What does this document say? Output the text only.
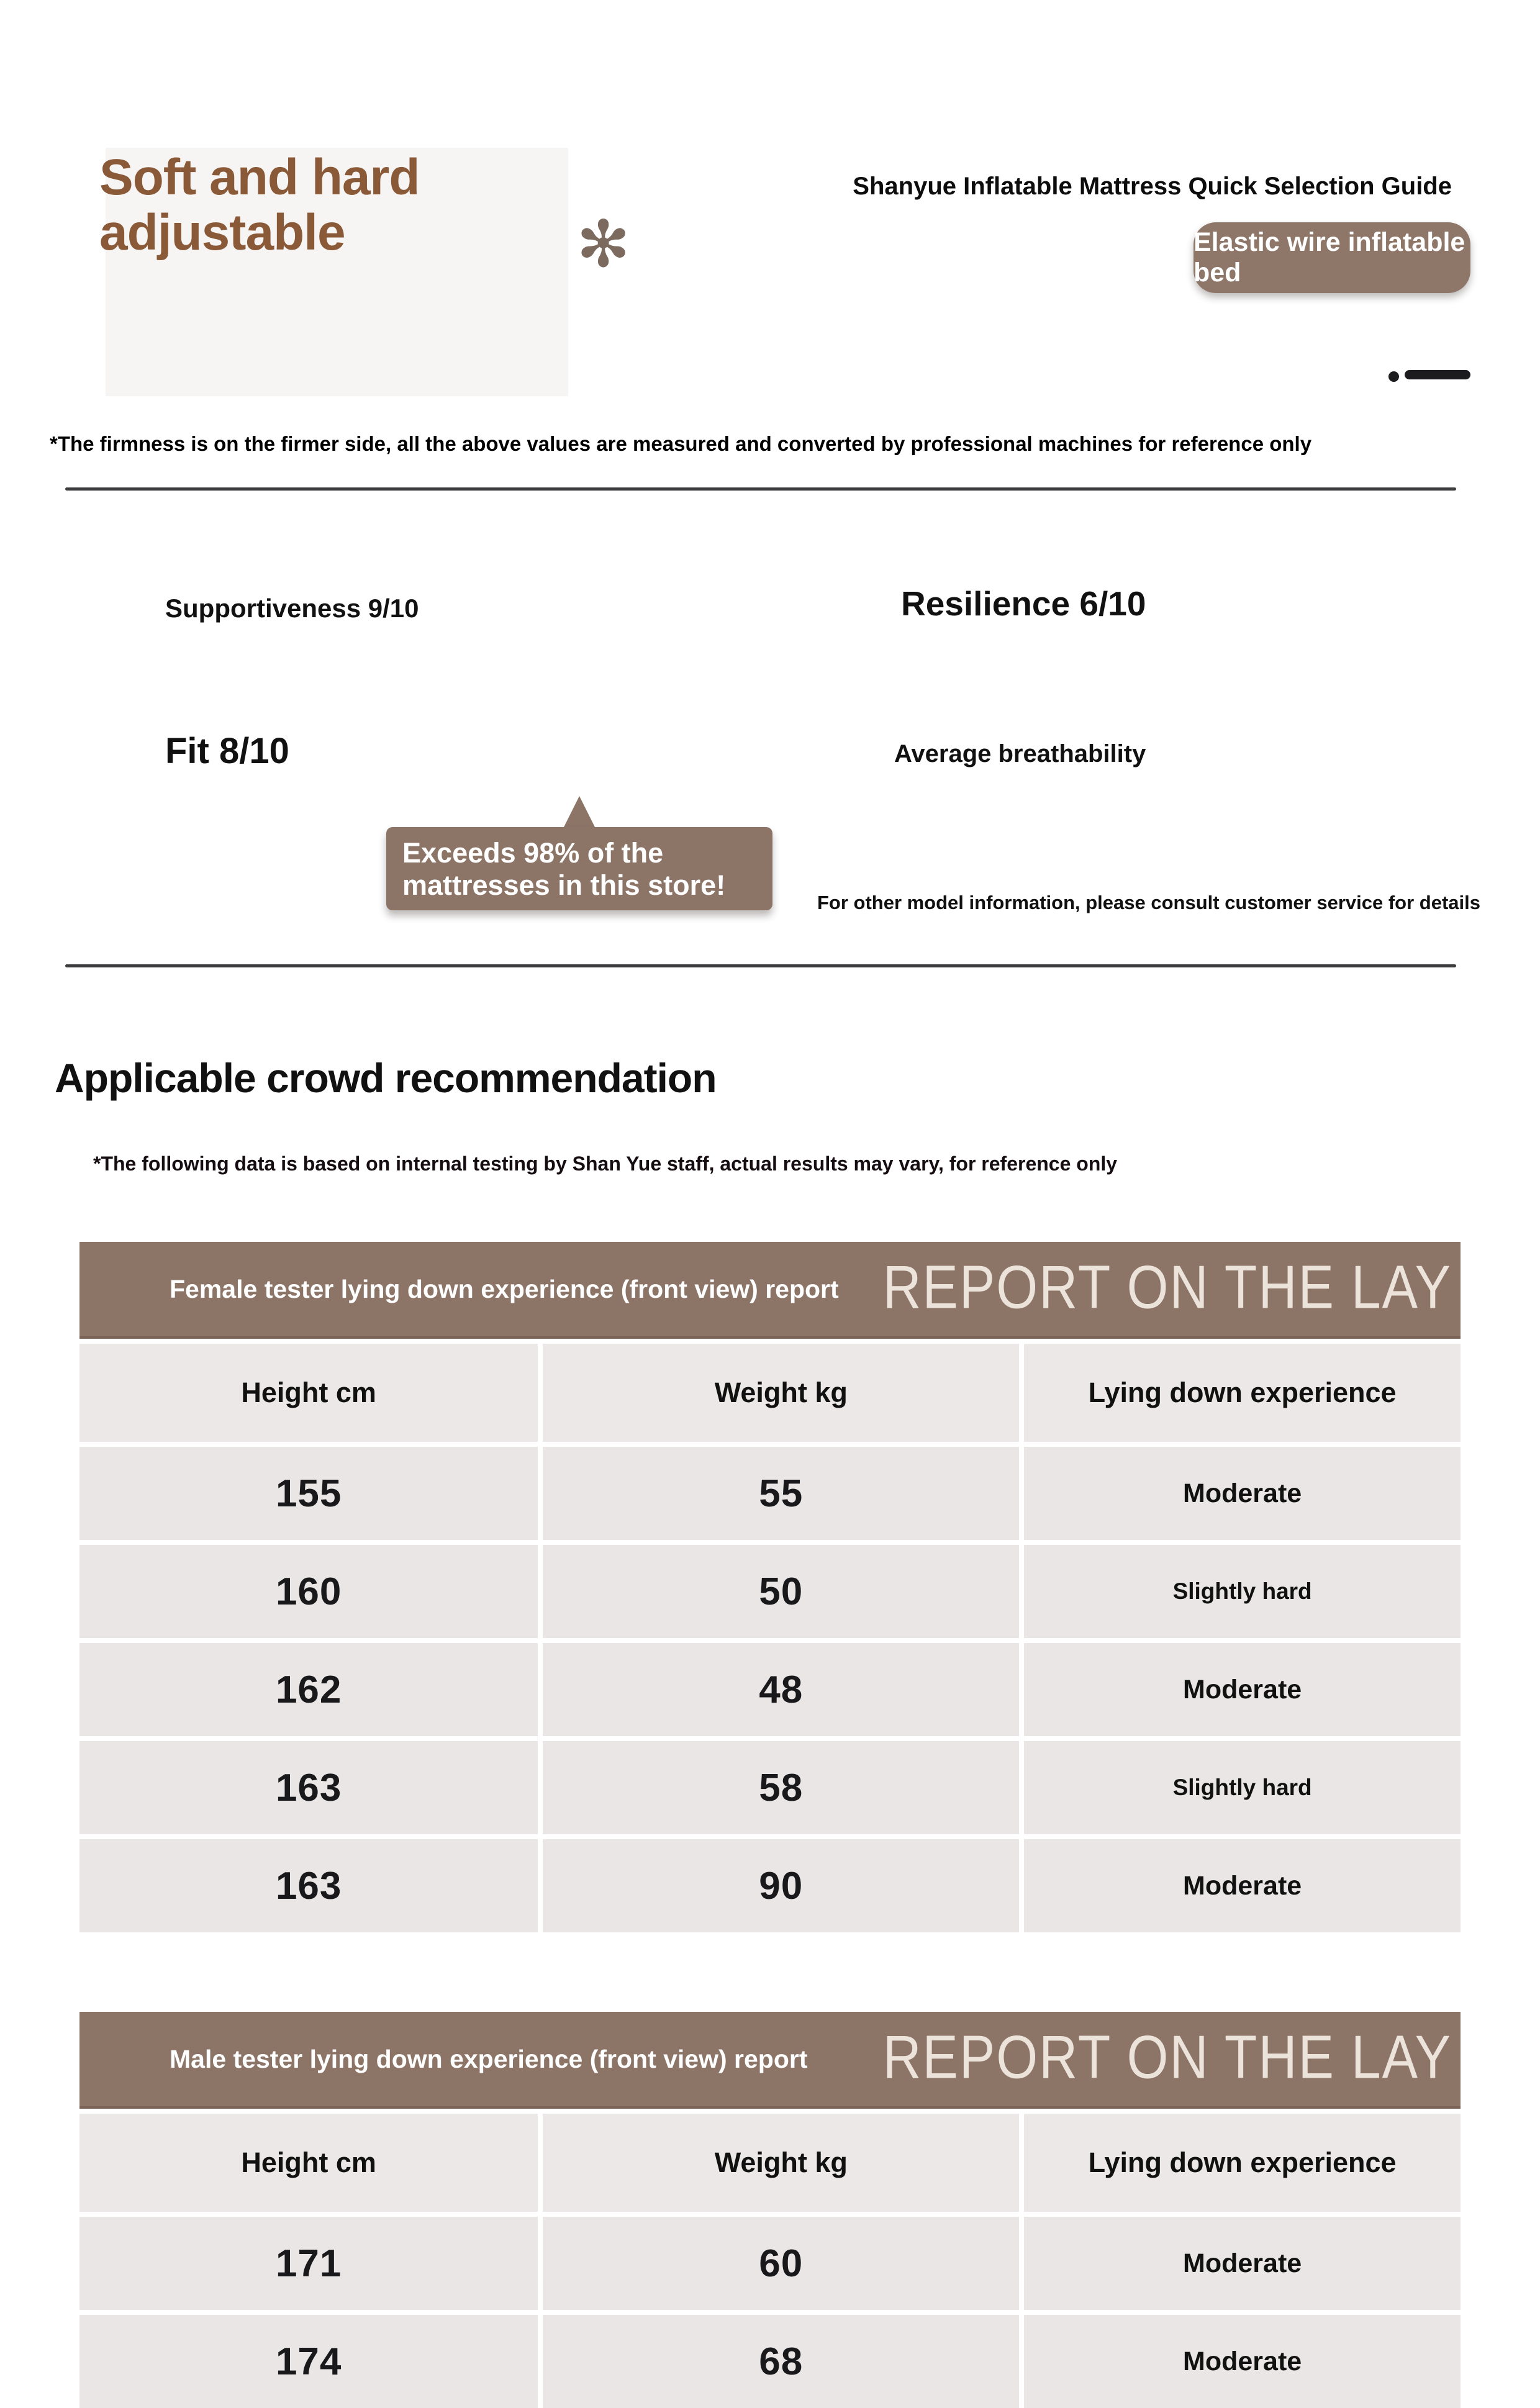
Soft and hard
adjustable	✻
Shanyue Inflatable Mattress Quick Selection Guide
Elastic wire inflatable bed
*The firmness is on the firmer side, all the above values are measured and converted by professional machines for reference only
Supportiveness 9/10	Resilience 6/10
Fit 8/10	Average breathability
Exceeds 98% of the
mattresses in this store!
For other model information, please consult customer service for details
Applicable crowd recommendation
*The following data is based on internal testing by Shan Yue staff, actual results may vary, for reference only
Female tester lying down experience (front view) report REPORT ON THE LAY
Height cm	Weight kg	Lying down experience
155	55	Moderate
160	50	Slightly hard
162	48	Moderate
163	58	Slightly hard
163	90	Moderate
Male tester lying down experience (front view) report REPORT ON THE LAY
Height cm	Weight kg	Lying down experience
171	60	Moderate
174	68	Moderate
